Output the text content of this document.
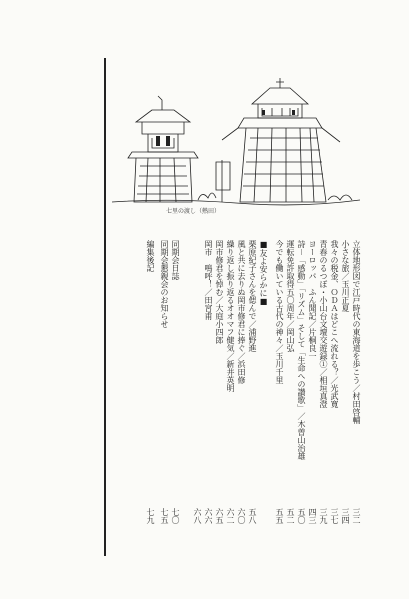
七里の渡し（熱田）
立体地形図で江戸時代の東海道を歩こう／村田啓輔
三二
小さな旅／玉川正夏
三四
我々の税金、ＯＤＡはどこへ流れる？／光武寛
三七
青春のるつぼ・小山台文壇交遊録①／相垣真澄
三九
ヨーロッパ　ふん聞記／片桐良一
四三
詩－「感動」「リズム」そして「生命への讃歌」／木曽山治雄
五〇
運転免許取得五〇周年／岡山弘
五二
今でも働いている古代の神々／玉川千里
五五
■友よ安らかに■
栗原紀子さんを偲んで／浦野進
五八
風と共に去りぬ岡市修君に捧ぐ／浜田修
六〇
繰り返し振り返るオオマフ健気／新井英明
六二
岡市修君を悼む／大庭小四郎
六五
岡市　鳴呼！／田宮甫
六六
六八
同期会日誌
七〇
同期会懇親会のお知らせ
七五
編集後記
七九
